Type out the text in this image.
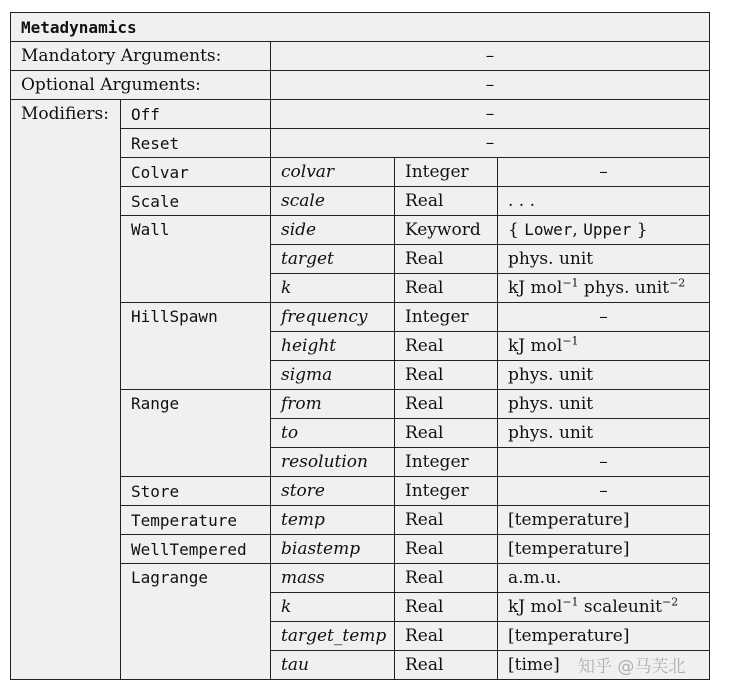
Metadynamics				
Mandatory Arguments:		–		
Optional Arguments:		–		
Modifiers:	Off	–		
	Reset	–		
	Colvar	colvar	Integer	–
	Scale	scale	Real	. . .
	Wall	side	Keyword	{ Lower, Upper }
		target	Real	phys. unit
		k	Real	kJ mol$^{-1}$ phys. unit$^{-2}$
	HillSpawn	frequency	Integer	–
		height	Real	kJ mol$^{-1}$
		sigma	Real	phys. unit
	Range	from	Real	phys. unit
		to	Real	phys. unit
		resolution	Integer	–
	Store	store	Integer	–
	Temperature	temp	Real	[temperature]
	WellTempered	biastemp	Real	[temperature]
	Lagrange	mass	Real	a.m.u.
		k	Real	kJ mol$^{-1}$ scaleunit$^{-2}$
		target_temp	Real	[temperature]
		tau	Real	[time] 知乎 @马芙北
